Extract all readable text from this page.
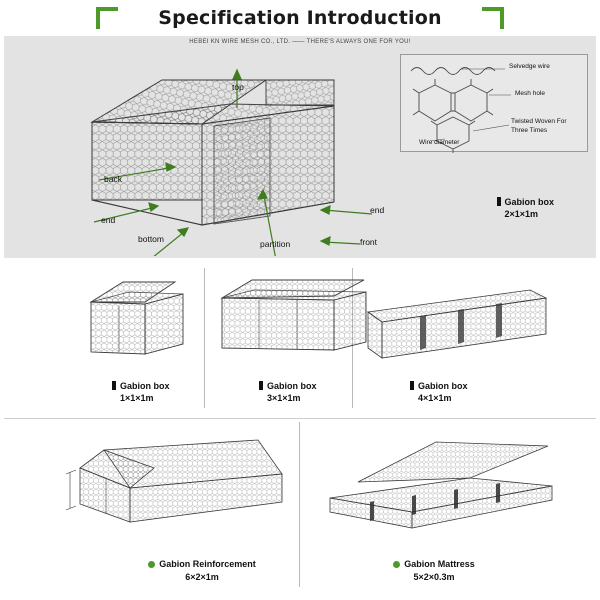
Specification Introduction
HEBEI KN WIRE MESH CO., LTD. —— THERE'S ALWAYS ONE FOR YOU!
top
back
end
end
front
bottom	partition
Selvedge wire
Mesh hole
Twisted Woven For
Three Times
Wire diameter
Gabion box
2×1×1m
Gabion box
1×1×1m
Gabion box
3×1×1m
Gabion box
4×1×1m
Gabion Reinforcement
6×2×1m
Gabion Mattress
5×2×0.3m
